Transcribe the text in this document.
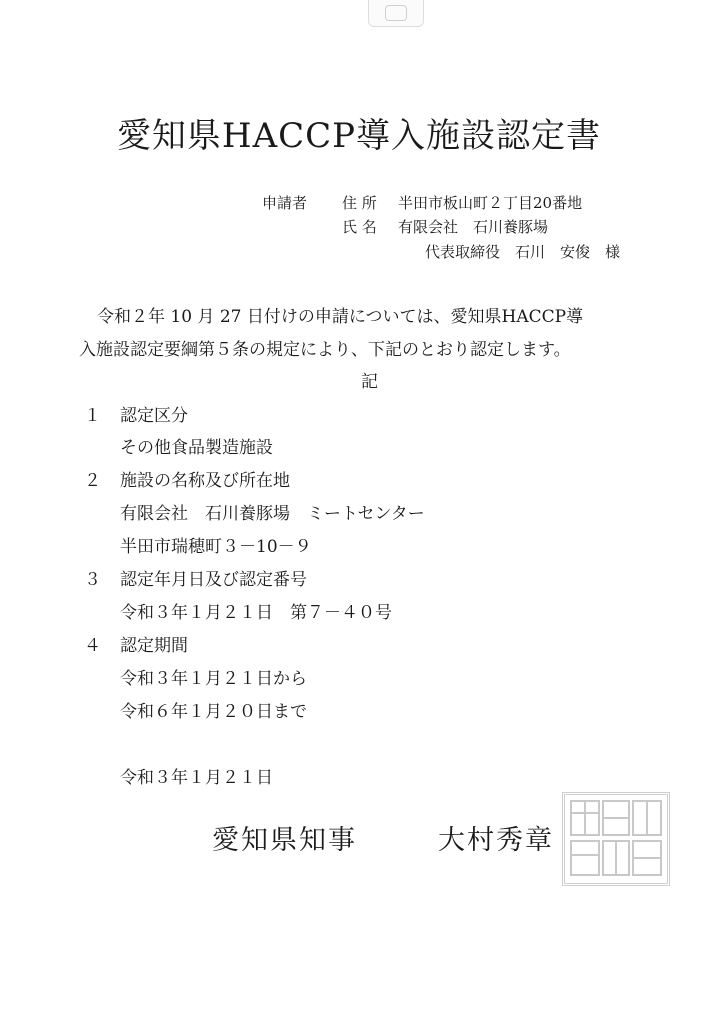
愛知県HACCP導入施設認定書
申請者 住 所 半田市板山町２丁目20番地
氏 名 有限会社　石川養豚場
代表取締役　石川　安俊　様
令和２年 10 月 27 日付けの申請については、愛知県HACCP導
入施設認定要綱第５条の規定により、下記のとおり認定します。
記
１ 認定区分
その他食品製造施設
２ 施設の名称及び所在地
有限会社　石川養豚場　ミートセンター
半田市瑞穂町３－10－９
３ 認定年月日及び認定番号
令和３年１月２１日　第７－４０号
４ 認定期間
令和３年１月２１日から
令和６年１月２０日まで
令和３年１月２１日
愛知県知事	大村秀章
